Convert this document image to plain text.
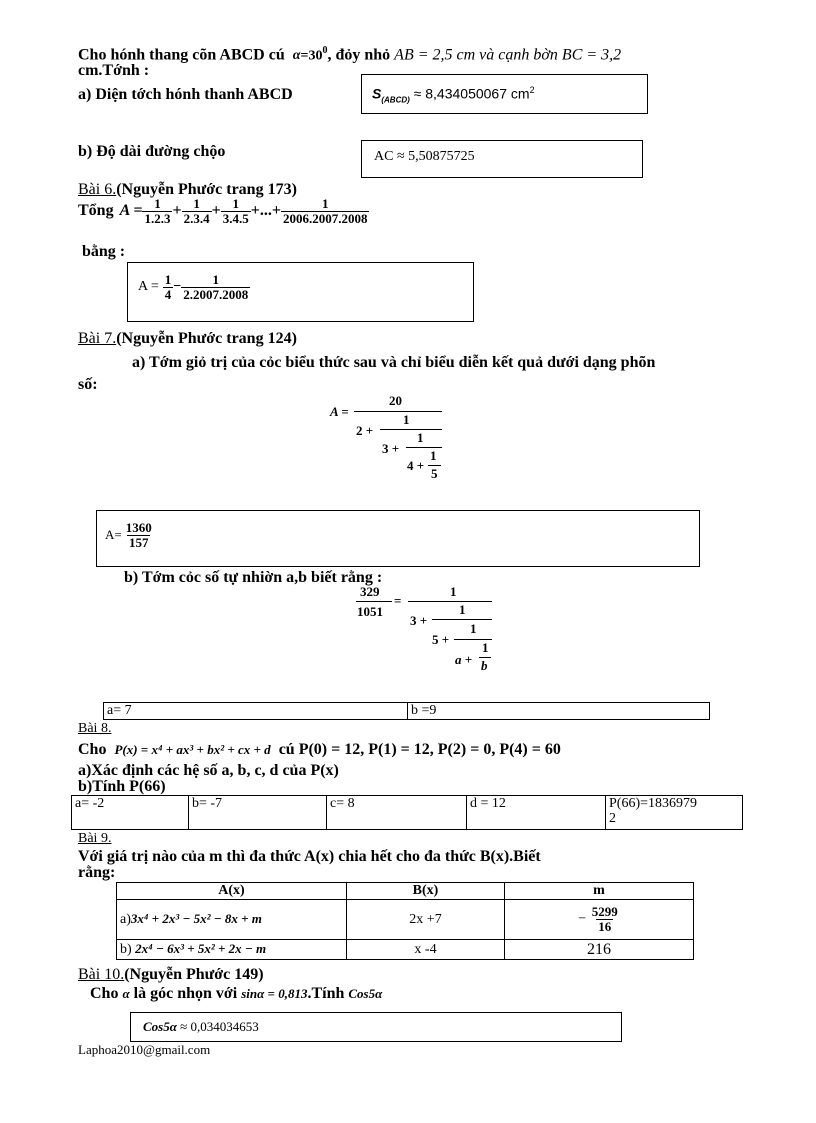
Cho hónh thang cõn ABCD cú $\alpha=30^0$, đỏy nhỏ AB = 2,5 cm và cạnh bờn BC = 3,2
cm.Tớnh :
a) Diện tớch hónh thanh ABCD	$S_{(ABCD)} \approx 8,434050067$ $cm^2$
b) Độ dài đường chộo	AC ≈ 5,50875725
Bài 6.(Nguyễn Phước trang 173)
Tổng $A = \frac{1}{1.2.3} + \frac{1}{2.3.4} + \frac{1}{3.4.5}$ +...+ $\frac{1}{2006.2007.2008}$
bằng :
$A = \frac{1}{4} - \frac{1}{2.2007.2008}$
Bài 7.(Nguyễn Phước trang 124)
a) Tớm giỏ trị của cỏc biểu thức sau và chỉ biểu diễn kết quả dưới dạng phõn
số:
A =
20
2 +
1
3 +
1
4 +
1
5
$A= \frac{1360}{157}$
b) Tớm cỏc số tự nhiờn a,b biết rằng :
329
1051
=
1
3 +
1
5 +
1
a +
1
b
a= 7	b =9
Bài 8.
Cho P(x) = x⁴ + ax³ + bx² + cx + d cú P(0) = 12, P(1) = 12, P(2) = 0, P(4) = 60
a)Xác định các hệ số a, b, c, d của P(x)
b)Tính P(66)
a= -2	b= -7	c= 8	d = 12	P(66)=1836979
2
Bài 9.
Với giá trị nào của m thì đa thức A(x) chia hết cho đa thức B(x).Biết
rằng:
A(x)	B(x)	m
a)3x⁴ + 2x³ − 5x² − 8x + m	2x +7	− $\frac{5299}{16}$

b) 2x⁴ − 6x³ + 5x² + 2x − m	x -4	216
Bài 10.(Nguyễn Phước 149)
Cho α là góc nhọn với sinα = 0,813.Tính Cos5α
Cos5α ≈ 0,034034653
Laphoa2010@gmail.com
